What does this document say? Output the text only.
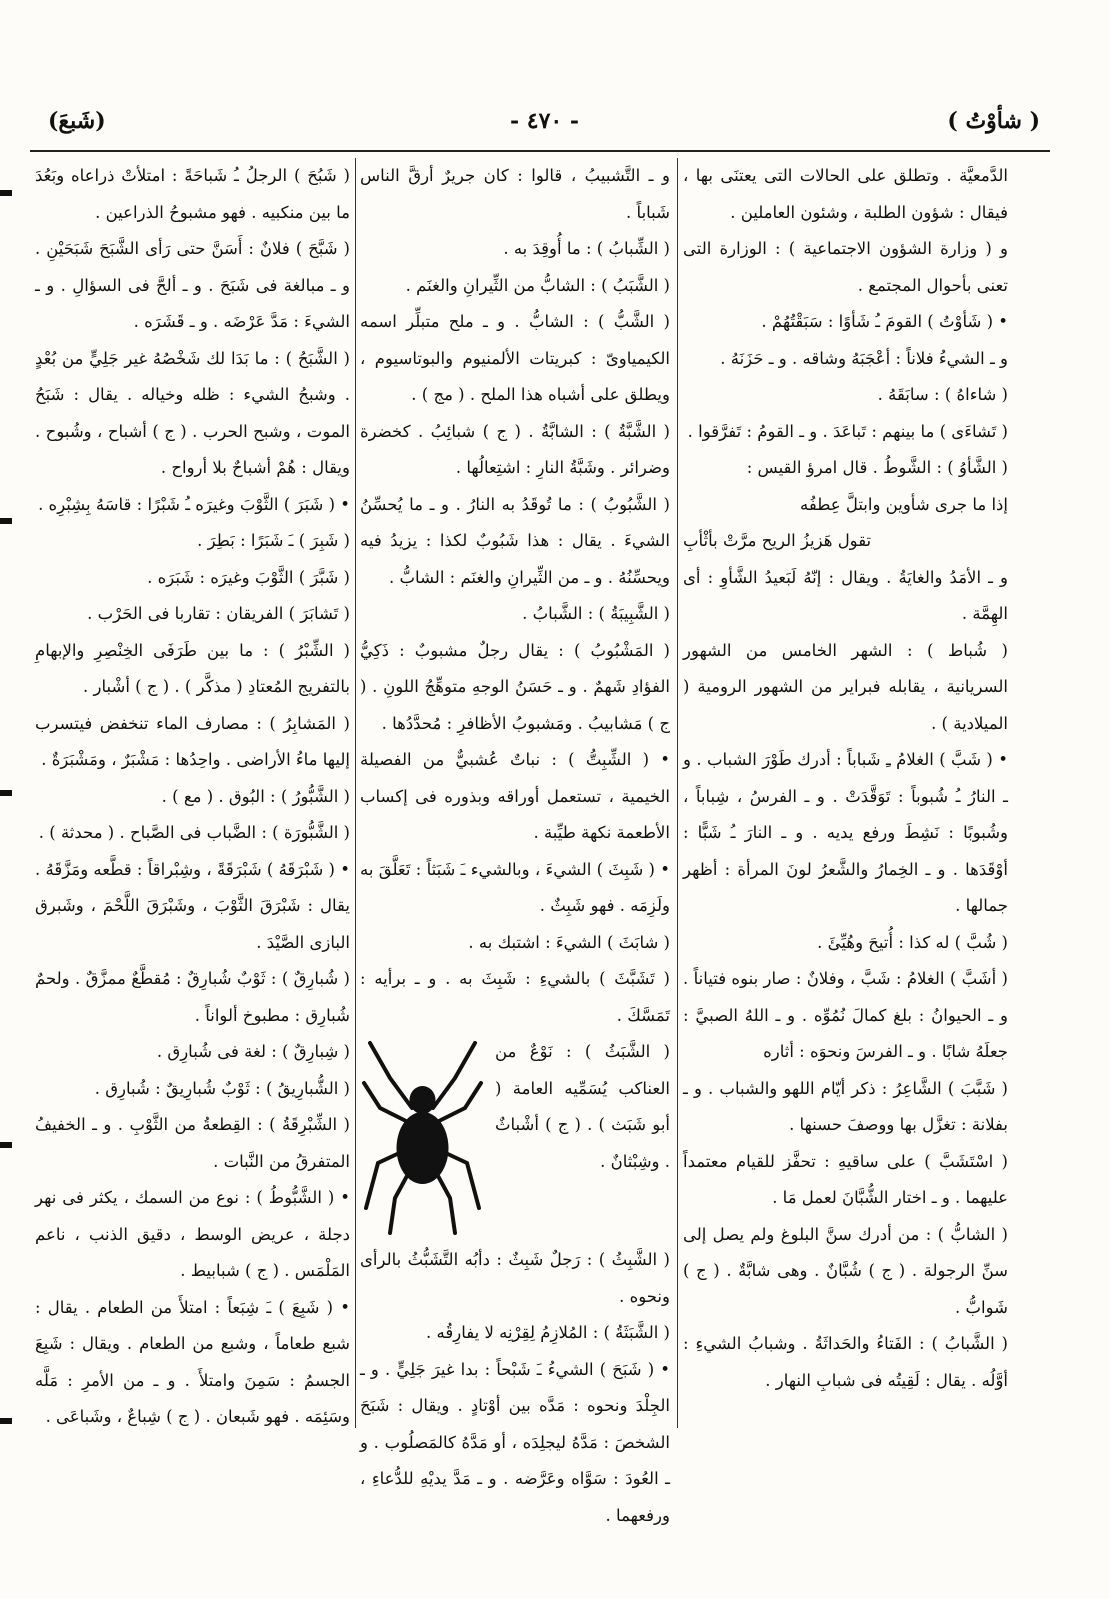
( شأوْتُ )
- ٤٧٠ -
(شَبعَ)

الدَّمعيَّة . وتطلق على الحالات التى يعتنَى بها ، فيقال : شؤون الطلبة ، وشئون العاملين .

و ( وزارة الشؤون الاجتماعية ) : الوزارة التى تعنى بأحوال المجتمع .

• ( شَأوْتُ ) القومَ ـُ شَأوًا : سَبَقْتُهُمْ .

و ـ الشيءُ فلاناً : أعْجَبَهُ وشاقه . و ـ حَزَنَهُ .

( شاءاهُ ) : سابَقَهُ .

( تَشاءَى ) ما بينهم : تَباعَدَ . و ـ القومُ : تَفرَّقوا .

( الشَّأوُ ) : الشَّوطُ . قال امرؤ القيس :

إذا ما جرى شأوين وابتلَّ عِطفُه

تقول هَزيزُ الريح مرَّتْ بأثْأبِ

و ـ الأمَدُ والغايَةُ . ويقال : إنّهُ لَبَعيدُ الشَّأوِ : أى الهِمَّة .

( شُباط ) : الشهر الخامس من الشهور السريانية ، يقابله فبراير من الشهور الرومية ( الميلادية ) .

• ( شَبَّ ) الغلامُ ـِ شَباباً : أدرك طَوْرَ الشباب . و ـ النارُ ـُ شُبوباً : تَوَقَّدَتْ . و ـ الفرسُ ، شِباباً ، وشُبوبًا : نَشِطَ ورفع يديه . و ـ النارَ ـُ شَبًّا : أوْقَدَها . و ـ الخِمارُ والشَّعرُ لونَ المرأة : أظهر جمالها .

( شُبَّ ) له كذا : أُتيحَ وهُيِّئَ .

( أشَبَّ ) الغلامُ : شَبَّ ، وفلانٌ : صار بنوه فتياناً . و ـ الحيوانُ : بلغ كمالَ نُمُوِّه . و ـ اللهُ الصبيَّ : جعلَهُ شابًا . و ـ الفرسَ ونحوَه : أثاره

( شَبَّبَ ) الشَّاعِرُ : ذكر أيّام اللهو والشباب . و ـ بفلانة : تغزَّل بها ووصفَ حسنها .

( اسْتَشَبَّ ) على ساقيهِ : تحفَّز للقيام معتمداً عليهما . و ـ اختار الشُّبَّانَ لعمل مَا .

( الشابُّ ) : من أدرك سنَّ البلوغ ولم يصل إلى سنِّ الرجولة . ( ج ) شُبَّانٌ . وهى شابَّةٌ . ( ج ) شَوابُّ .

( الشَّبابُ ) : الفَتاءُ والحَداثَةُ . وشبابُ الشيءِ : أوَّلُه . يقال : لَقِيتُه فى شبابِ النهار .

و ـ التَّشبيبُ ، قالوا : كان جريرٌ أرقَّ الناس شَباباً .

( الشِّبابُ ) : ما أُوقِدَ به .

( الشَّبَبُ ) : الشابُّ من الثِّيرانِ والغنَم .

( الشَّبُّ ) : الشابُّ . و ـ ملح متبلِّر اسمه الكيمياوىّ : كبريتات الألمنيوم والبوتاسيوم ، ويطلق على أشباه هذا الملح . ( مج ) .

( الشَّبَّةُ ) : الشابَّةُ . ( ج ) شبائِبُ . كخضرة وضرائر . وشَبَّةُ النارِ : اشتِعالُها .

( الشَّبُوبُ ) : ما تُوقَدُ به النارُ . و ـ ما يُحسِّنُ الشيءَ . يقال : هذا شَبُوبٌ لكذا : يزيدُ فيه ويحسِّنُهُ . و ـ من الثِّيرانِ والغنَم : الشابُّ .

( الشَّبِيبَةُ ) : الشَّبابُ .

( المَشْبُوبُ ) : يقال رجلٌ مشبوبٌ : ذَكِيُّ الفؤادِ شَهمٌ . و ـ حَسَنُ الوجهِ متوهِّجُ اللونِ . ( ج ) مَشابيبُ . ومَشبوبُ الأظافرِ : مُحدَّدُها .

• ( الشِّبِتُّ ) : نباتٌ عُشبيٌّ من الفصيلة الخيمية ، تستعمل أوراقه وبذوره فى إكساب الأطعمة نكهة طيِّبة .

• ( شَبِثَ ) الشيءَ ، وبالشيء ـَ شَبَثاً : تَعَلَّقَ به ولَزِمَه . فهو شَبِثٌ .

( شابَثَ ) الشيءَ : اشتبك به .

( تَشَبَّثَ ) بالشيءِ : شَبِثَ به . و ـ برأيه : تَمَسَّكَ .

( الشَّبَثُ ) : نَوْعٌ من العناكب يُسَمِّيه العامة ( أبو شَبَث ) . ( ج ) أشْباثٌ . وشِبْثانٌ .

( الشَّبِثُ ) : رَجلٌ شَبِثٌ : دأبُه التَّشَبُّثُ بالرأى ونحوه .

( الشَّبَثَةُ ) : المُلازِمُ لِقِرْنِه لا يفارِقُه .

• ( شَبَحَ ) الشيءُ ـَ شَبْحاً : بدا غيرَ جَلِيٍّ . و ـ الجِلْدَ ونحوه : مَدَّه بين أوْتادٍ . ويقال : شَبَحَ الشخصَ : مَدَّهُ ليجلِدَه ، أو مَدَّهُ كالمَصلُوب . و ـ العُودَ : سَوَّاه وعَرَّضه . و ـ مَدَّ يديْهِ للدُّعاءِ ، ورفعهما .

( شَبُحَ ) الرجلُ ـُ شَباحَةً : امتلأتْ ذراعاه وبَعُدَ ما بين منكبيه . فهو مشبوحُ الذراعين .

( شَبَّحَ ) فلانٌ : أَسَنَّ حتى رَأى الشَّبَحَ شَبَحَيْنِ . و ـ مبالغة فى شَبَحَ . و ـ ألحَّ فى السؤالِ . و ـ الشيءَ : مَدَّ عَرْضَه . و ـ قَشَرَه .

( الشَّبَحُ ) : ما بَدَا لك شَخْصُهُ غير جَلِيٍّ من بُعْدٍ . وشبحُ الشيء : ظله وخياله . يقال : شَبَحُ الموت ، وشبح الحرب . ( ج ) أشباح ، وشُبوح . ويقال : هُمْ أشباحٌ بلا أرواح .

• ( شَبَرَ ) الثَّوْبَ وغيرَه ـُ شَبْرًا : قاسَهُ بِشِبْرِه .

( شَبِرَ ) ـَ شَبَرًا : بَطِرَ .

( شَبَّرَ ) الثَّوْبَ وغيرَه : شَبَرَه .

( تَشابَرَ ) الفريقان : تقاربا فى الحَرْب .

( الشِّبْرُ ) : ما بين طَرَفَى الخِنْصِرِ والإبهامِ بالتفريج المُعتادِ ( مذكَّر ) . ( ج ) أشْبار .

( المَشابِرُ ) : مصارف الماء تنخفض فيتسرب إليها ماءُ الأراضى . واحِدُها : مَشْبَرٌ ، ومَشْبَرَةٌ .

( الشَّبُّورُ ) : البُوق . ( مع ) .

( الشَّبُّورَة ) : الضَّباب فى الصَّباح . ( محدثة ) .

• ( شَبْرَقَهُ ) شَبْرَقَةً ، وشِبْراقاً : قطَّعه ومَزَّقَهُ . يقال : شَبْرَقَ الثَّوْبَ ، وشَبْرَقَ اللَّحْمَ ، وشَبرق البازى الصَّيْدَ .

( شُبارِقٌ ) : ثَوْبٌ شُبارِقٌ : مُقطَّعٌ ممزَّقٌ . ولحمٌ شُبارِق : مطبوخ ألواناً .

( شِبارِقٌ ) : لغة فى شُبارِق .

( الشُّبارِيقُ ) : ثَوْبٌ شُبارِيقٌ : شُبارِق .

( الشِّبْرِقَةُ ) : القِطعةُ من الثَّوْبِ . و ـ الخفيفُ المتفرقُ من النَّبات .

• ( الشَّبُّوطُ ) : نوع من السمك ، يكثر فى نهر دجلة ، عريض الوسط ، دقيق الذنب ، ناعم المَلْمَس . ( ج ) شبابيط .

• ( شَبِعَ ) ـَ شِبَعاً : امتلأَ من الطعام . يقال : شبع طعاماً ، وشبع من الطعام . ويقال : شَبِعَ الجسمُ : سَمِنَ وامتلأَ . و ـ من الأمرِ : مَلَّه وسَئِمَه . فهو شَبعان . ( ج ) شِباعٌ ، وشَباعَى .
